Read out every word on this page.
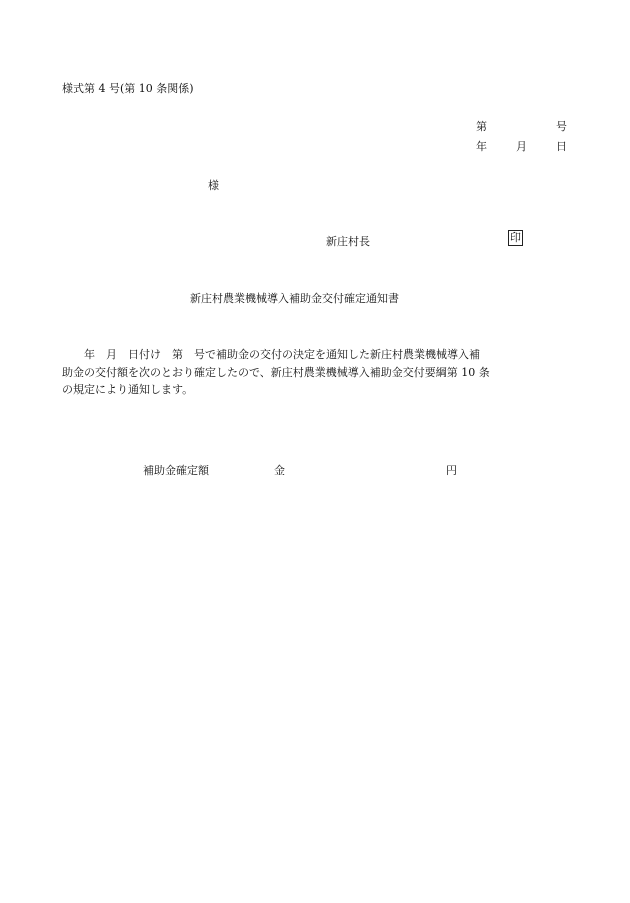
様式第 4 号(第 10 条関係)
第	号
年	月	日
様
新庄村長	印
新庄村農業機械導入補助金交付確定通知書
　　年　月　日付け　第　号で補助金の交付の決定を通知した新庄村農業機械導入補
助金の交付額を次のとおり確定したので、新庄村農業機械導入補助金交付要綱第 10 条
の規定により通知します。
補助金確定額	金	円
